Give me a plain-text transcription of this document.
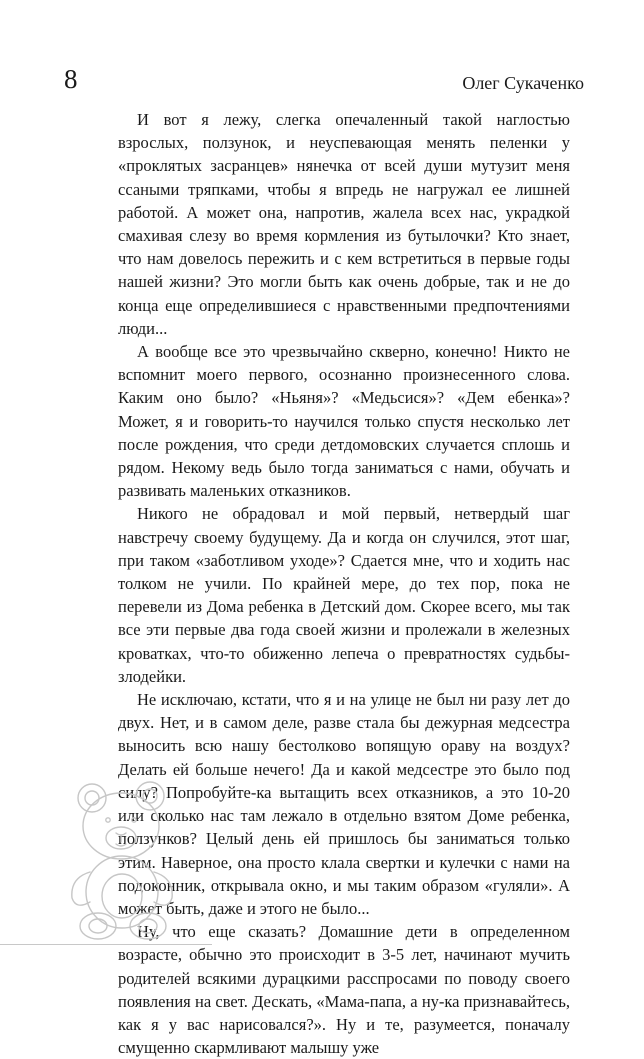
8	Олег Сукаченко

И вот я лежу, слегка опечаленный такой наглостью взрослых, ползунок, и неуспевающая менять пеленки у «проклятых засранцев» нянечка от всей души мутузит меня ссаными тряпками, чтобы я впредь не нагружал ее лишней работой. А может она, напротив, жалела всех нас, украдкой смахивая слезу во время кормления из бутылочки? Кто знает, что нам довелось пережить и с кем встретиться в первые годы нашей жизни? Это могли быть как очень добрые, так и не до конца еще определившиеся с нравственными предпочтениями люди...

А вообще все это чрезвычайно скверно, конечно! Никто не вспомнит моего первого, осознанно произнесенного слова. Каким оно было? «Ньяня»? «Медьсися»? «Дем ебенка»? Может, я и говорить-то научился только спустя несколько лет после рождения, что среди детдомовских случается сплошь и рядом. Некому ведь было тогда заниматься с нами, обучать и развивать маленьких отказников.

Никого не обрадовал и мой первый, нетвердый шаг навстречу своему будущему. Да и когда он случился, этот шаг, при таком «заботливом уходе»? Сдается мне, что и ходить нас толком не учили. По крайней мере, до тех пор, пока не перевели из Дома ребенка в Детский дом. Скорее всего, мы так все эти первые два года своей жизни и пролежали в железных кроватках, что-то обиженно лепеча о превратностях судьбы-злодейки.

Не исключаю, кстати, что я и на улице не был ни разу лет до двух. Нет, и в самом деле, разве стала бы дежурная медсестра выносить всю нашу бестолково вопящую ораву на воздух? Делать ей больше нечего! Да и какой медсестре это было под силу? Попробуйте-ка вытащить всех отказников, а это 10-20 или сколько нас там лежало в отдельно взятом Доме ребенка, ползунков? Целый день ей пришлось бы заниматься только этим. Наверное, она просто клала свертки и кулечки с нами на подоконник, открывала окно, и мы таким образом «гуляли». А может быть, даже и этого не было...

Ну, что еще сказать? Домашние дети в определенном возрасте, обычно это происходит в 3-5 лет, начинают мучить родителей всякими дурацкими расспросами по поводу своего появления на свет. Дескать, «Мама-папа, а ну-ка признавайтесь, как я у вас нарисовался?». Ну и те, разумеется, поначалу смущенно скармливают малышу уже
